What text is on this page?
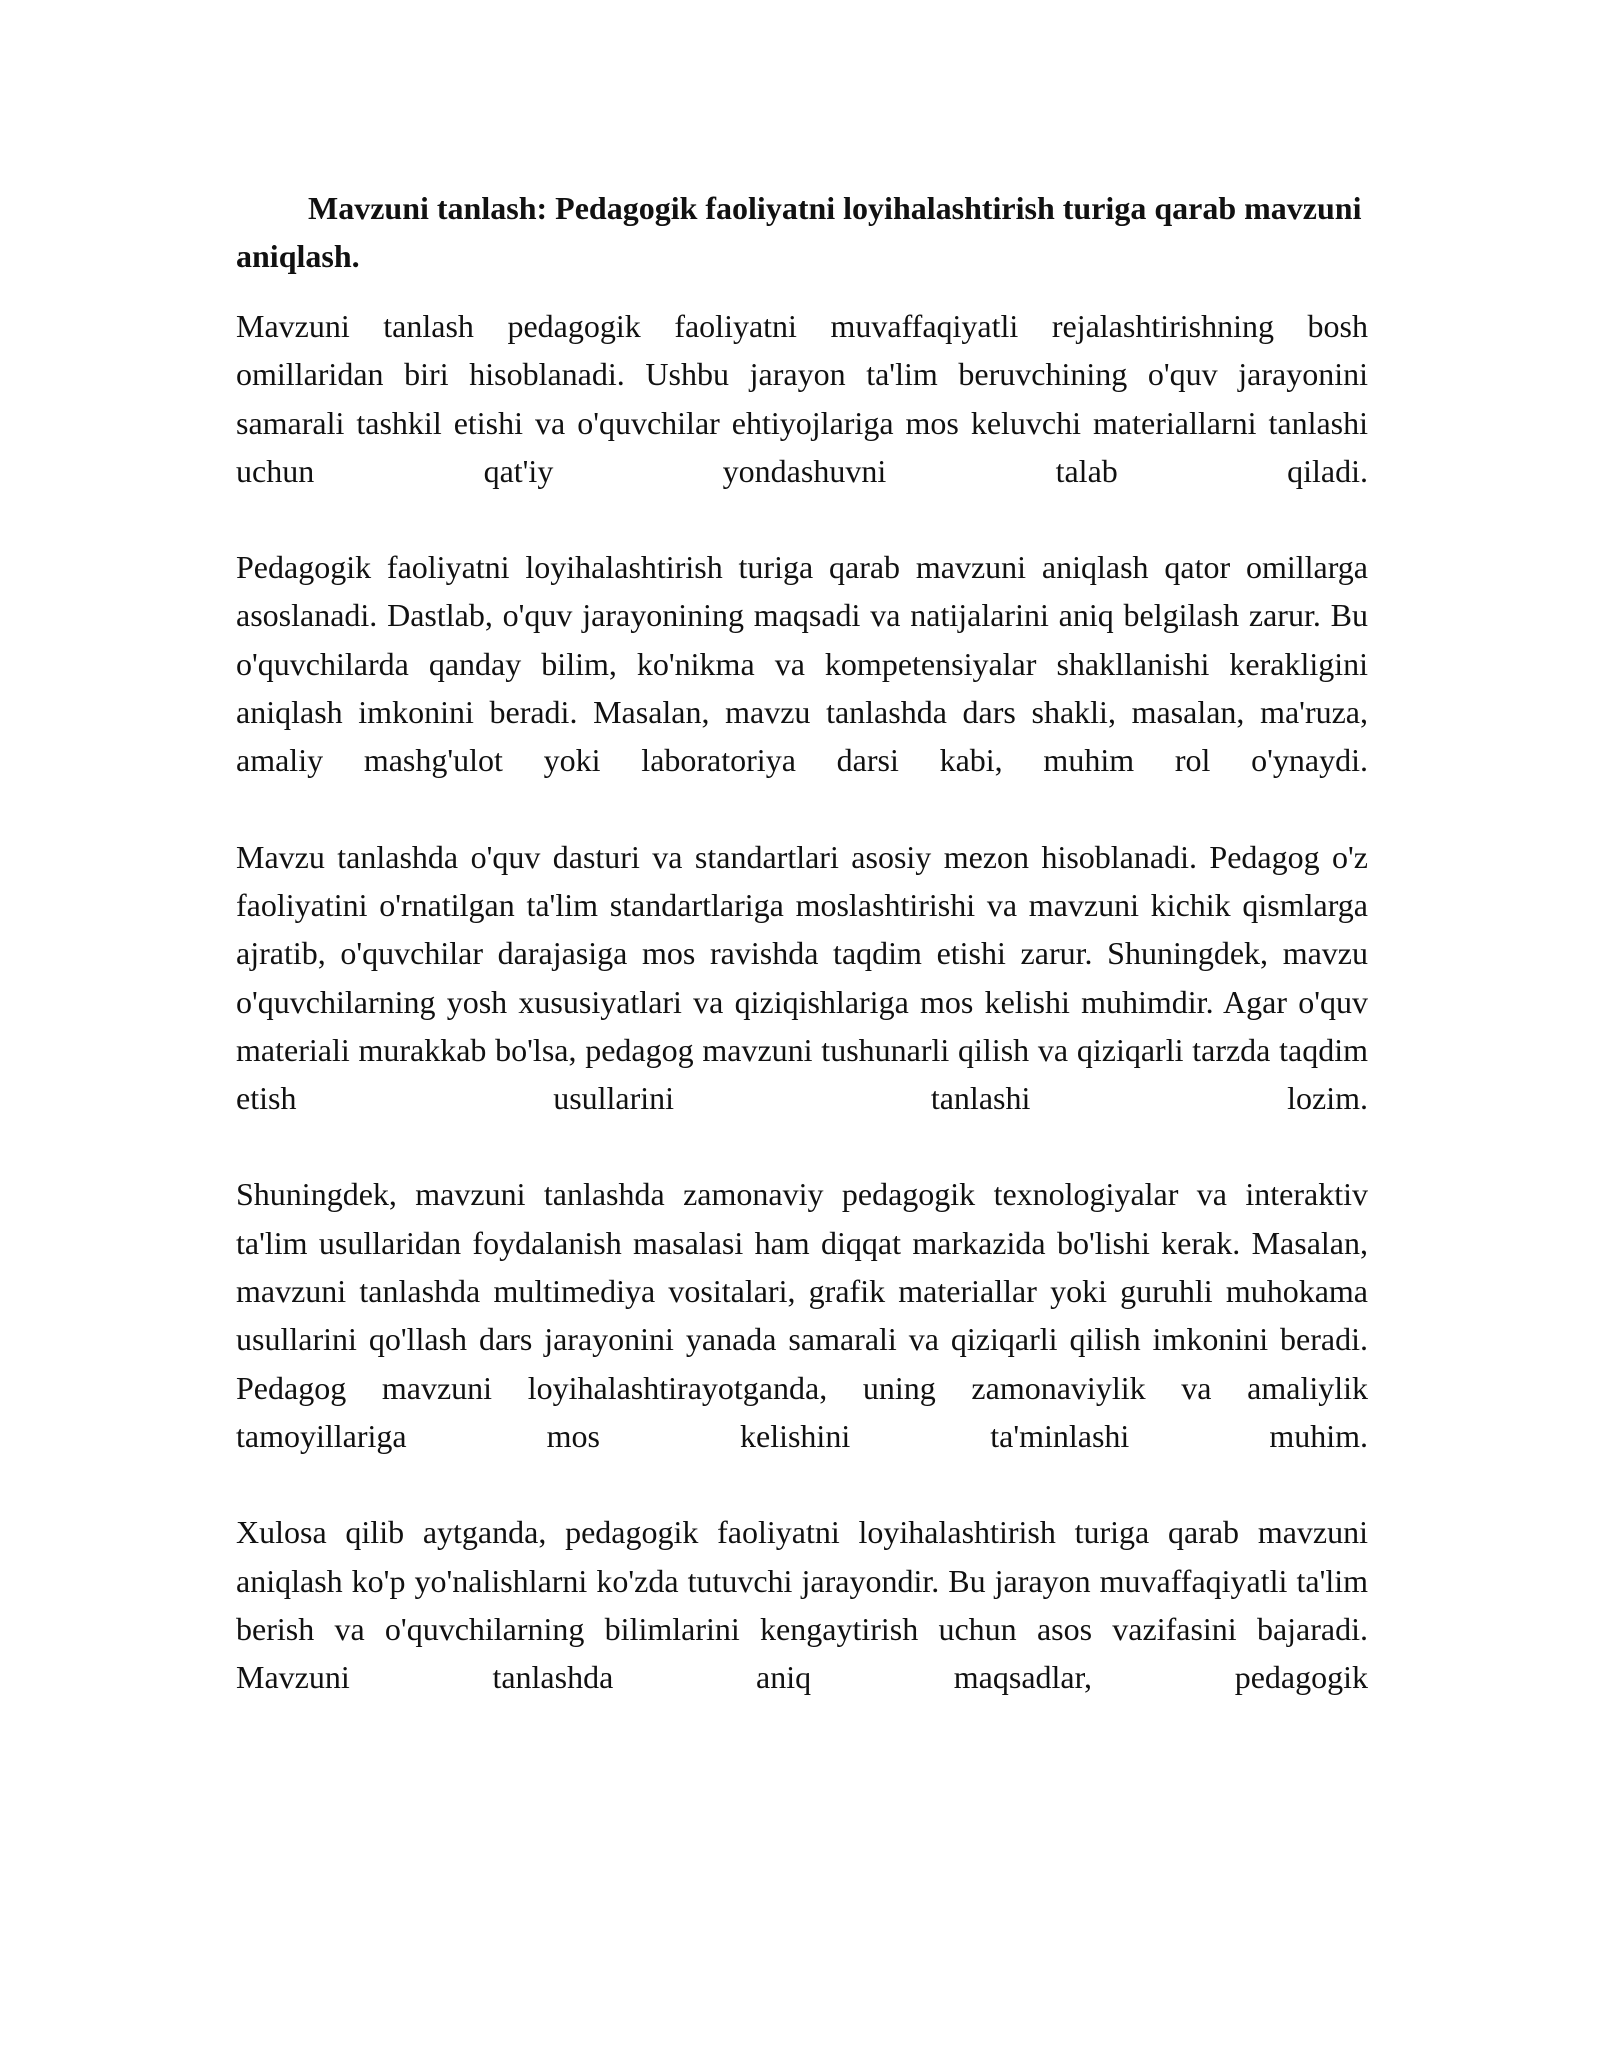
Mavzuni tanlash: Pedagogik faoliyatni loyihalashtirish turiga qarab mavzuni aniqlash.

Mavzuni tanlash pedagogik faoliyatni muvaffaqiyatli rejalashtirishning bosh omillaridan biri hisoblanadi. Ushbu jarayon ta'lim beruvchining o'quv jarayonini samarali tashkil etishi va o'quvchilar ehtiyojlariga mos keluvchi materiallarni tanlashi uchun qat'iy yondashuvni talab qiladi.

Pedagogik faoliyatni loyihalashtirish turiga qarab mavzuni aniqlash qator omillarga asoslanadi. Dastlab, o'quv jarayonining maqsadi va natijalarini aniq belgilash zarur. Bu o'quvchilarda qanday bilim, ko'nikma va kompetensiyalar shakllanishi kerakligini aniqlash imkonini beradi. Masalan, mavzu tanlashda dars shakli, masalan, ma'ruza, amaliy mashg'ulot yoki laboratoriya darsi kabi, muhim rol o'ynaydi.

Mavzu tanlashda o'quv dasturi va standartlari asosiy mezon hisoblanadi. Pedagog o'z faoliyatini o'rnatilgan ta'lim standartlariga moslashtirishi va mavzuni kichik qismlarga ajratib, o'quvchilar darajasiga mos ravishda taqdim etishi zarur. Shuningdek, mavzu o'quvchilarning yosh xususiyatlari va qiziqishlariga mos kelishi muhimdir. Agar o'quv materiali murakkab bo'lsa, pedagog mavzuni tushunarli qilish va qiziqarli tarzda taqdim etish usullarini tanlashi lozim.

Shuningdek, mavzuni tanlashda zamonaviy pedagogik texnologiyalar va interaktiv ta'lim usullaridan foydalanish masalasi ham diqqat markazida bo'lishi kerak. Masalan, mavzuni tanlashda multimediya vositalari, grafik materiallar yoki guruhli muhokama usullarini qo'llash dars jarayonini yanada samarali va qiziqarli qilish imkonini beradi. Pedagog mavzuni loyihalashtirayotganda, uning zamonaviylik va amaliylik tamoyillariga mos kelishini ta'minlashi muhim.

Xulosa qilib aytganda, pedagogik faoliyatni loyihalashtirish turiga qarab mavzuni aniqlash ko'p yo'nalishlarni ko'zda tutuvchi jarayondir. Bu jarayon muvaffaqiyatli ta'lim berish va o'quvchilarning bilimlarini kengaytirish uchun asos vazifasini bajaradi. Mavzuni tanlashda aniq maqsadlar, pedagogik
